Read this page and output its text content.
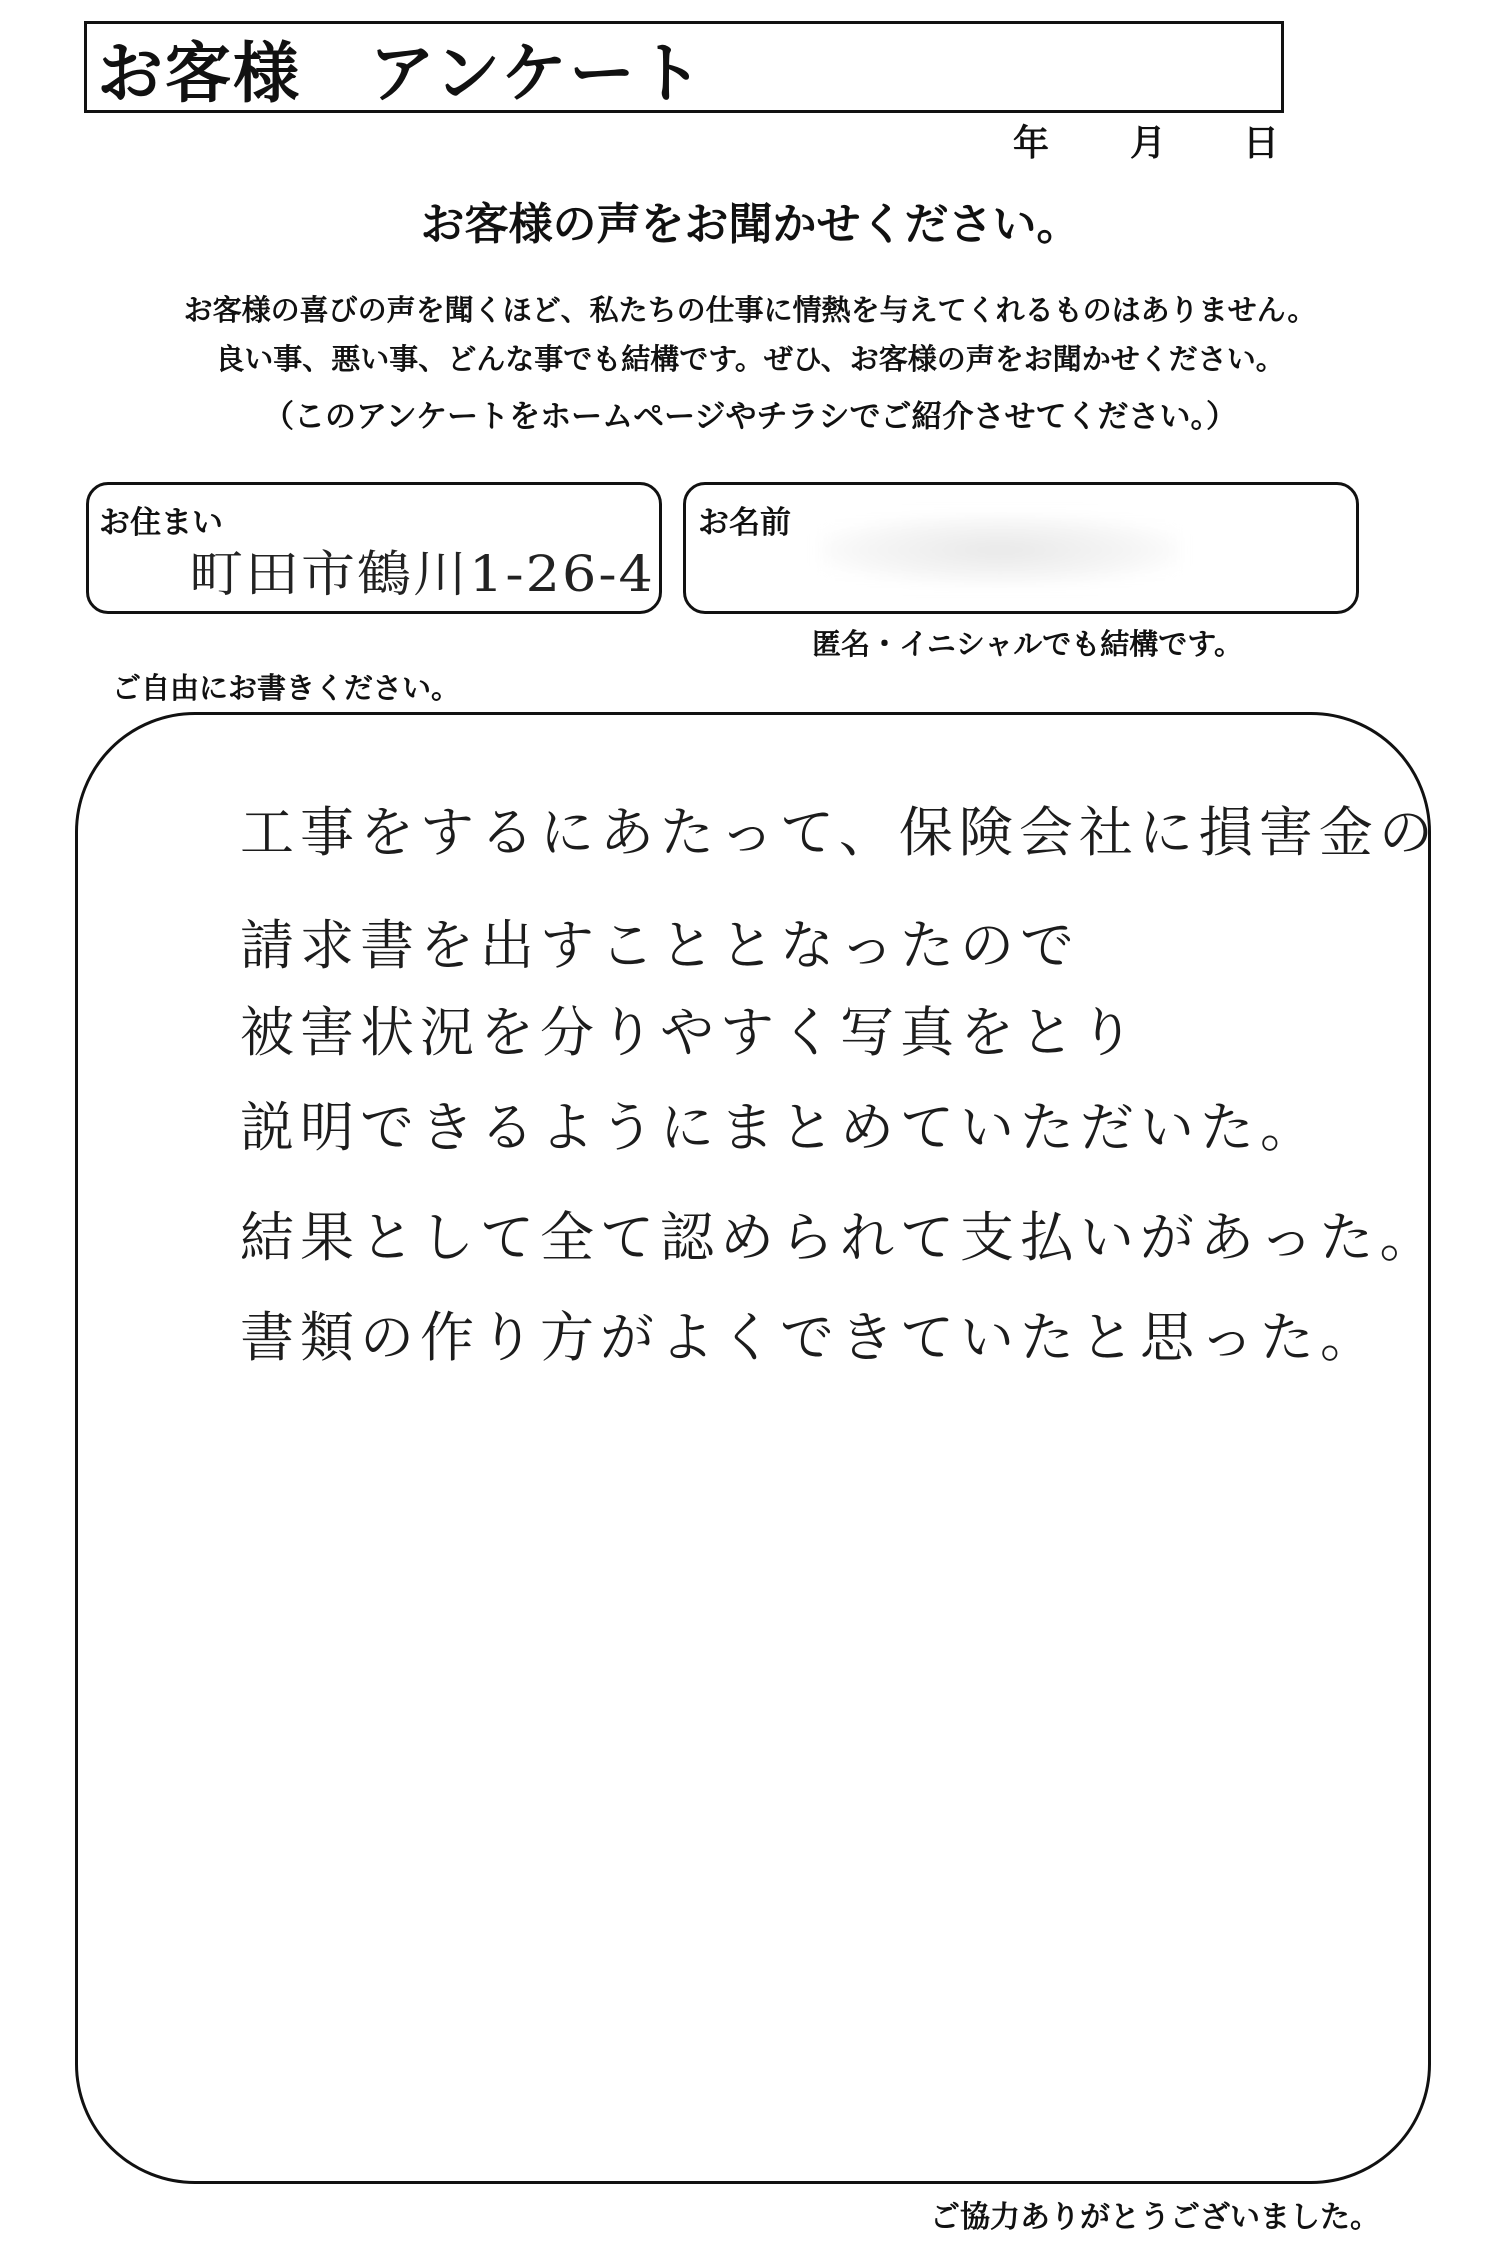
お客様　アンケート
年 月 日
お客様の声をお聞かせください。
お客様の喜びの声を聞くほど、私たちの仕事に情熱を与えてくれるものはありません。
良い事、悪い事、どんな事でも結構です。ぜひ、お客様の声をお聞かせください。
（このアンケートをホームページやチラシでご紹介させてください。）
お住まい
町田市鶴川1-26-4
お名前
匿名・イニシャルでも結構です。
ご自由にお書きください。
工事をするにあたって、保険会社に損害金の
請求書を出すこととなったので
被害状況を分りやすく写真をとり
説明できるようにまとめていただいた。
結果として全て認められて支払いがあった。
書類の作り方がよくできていたと思った。
ご協力ありがとうございました。
